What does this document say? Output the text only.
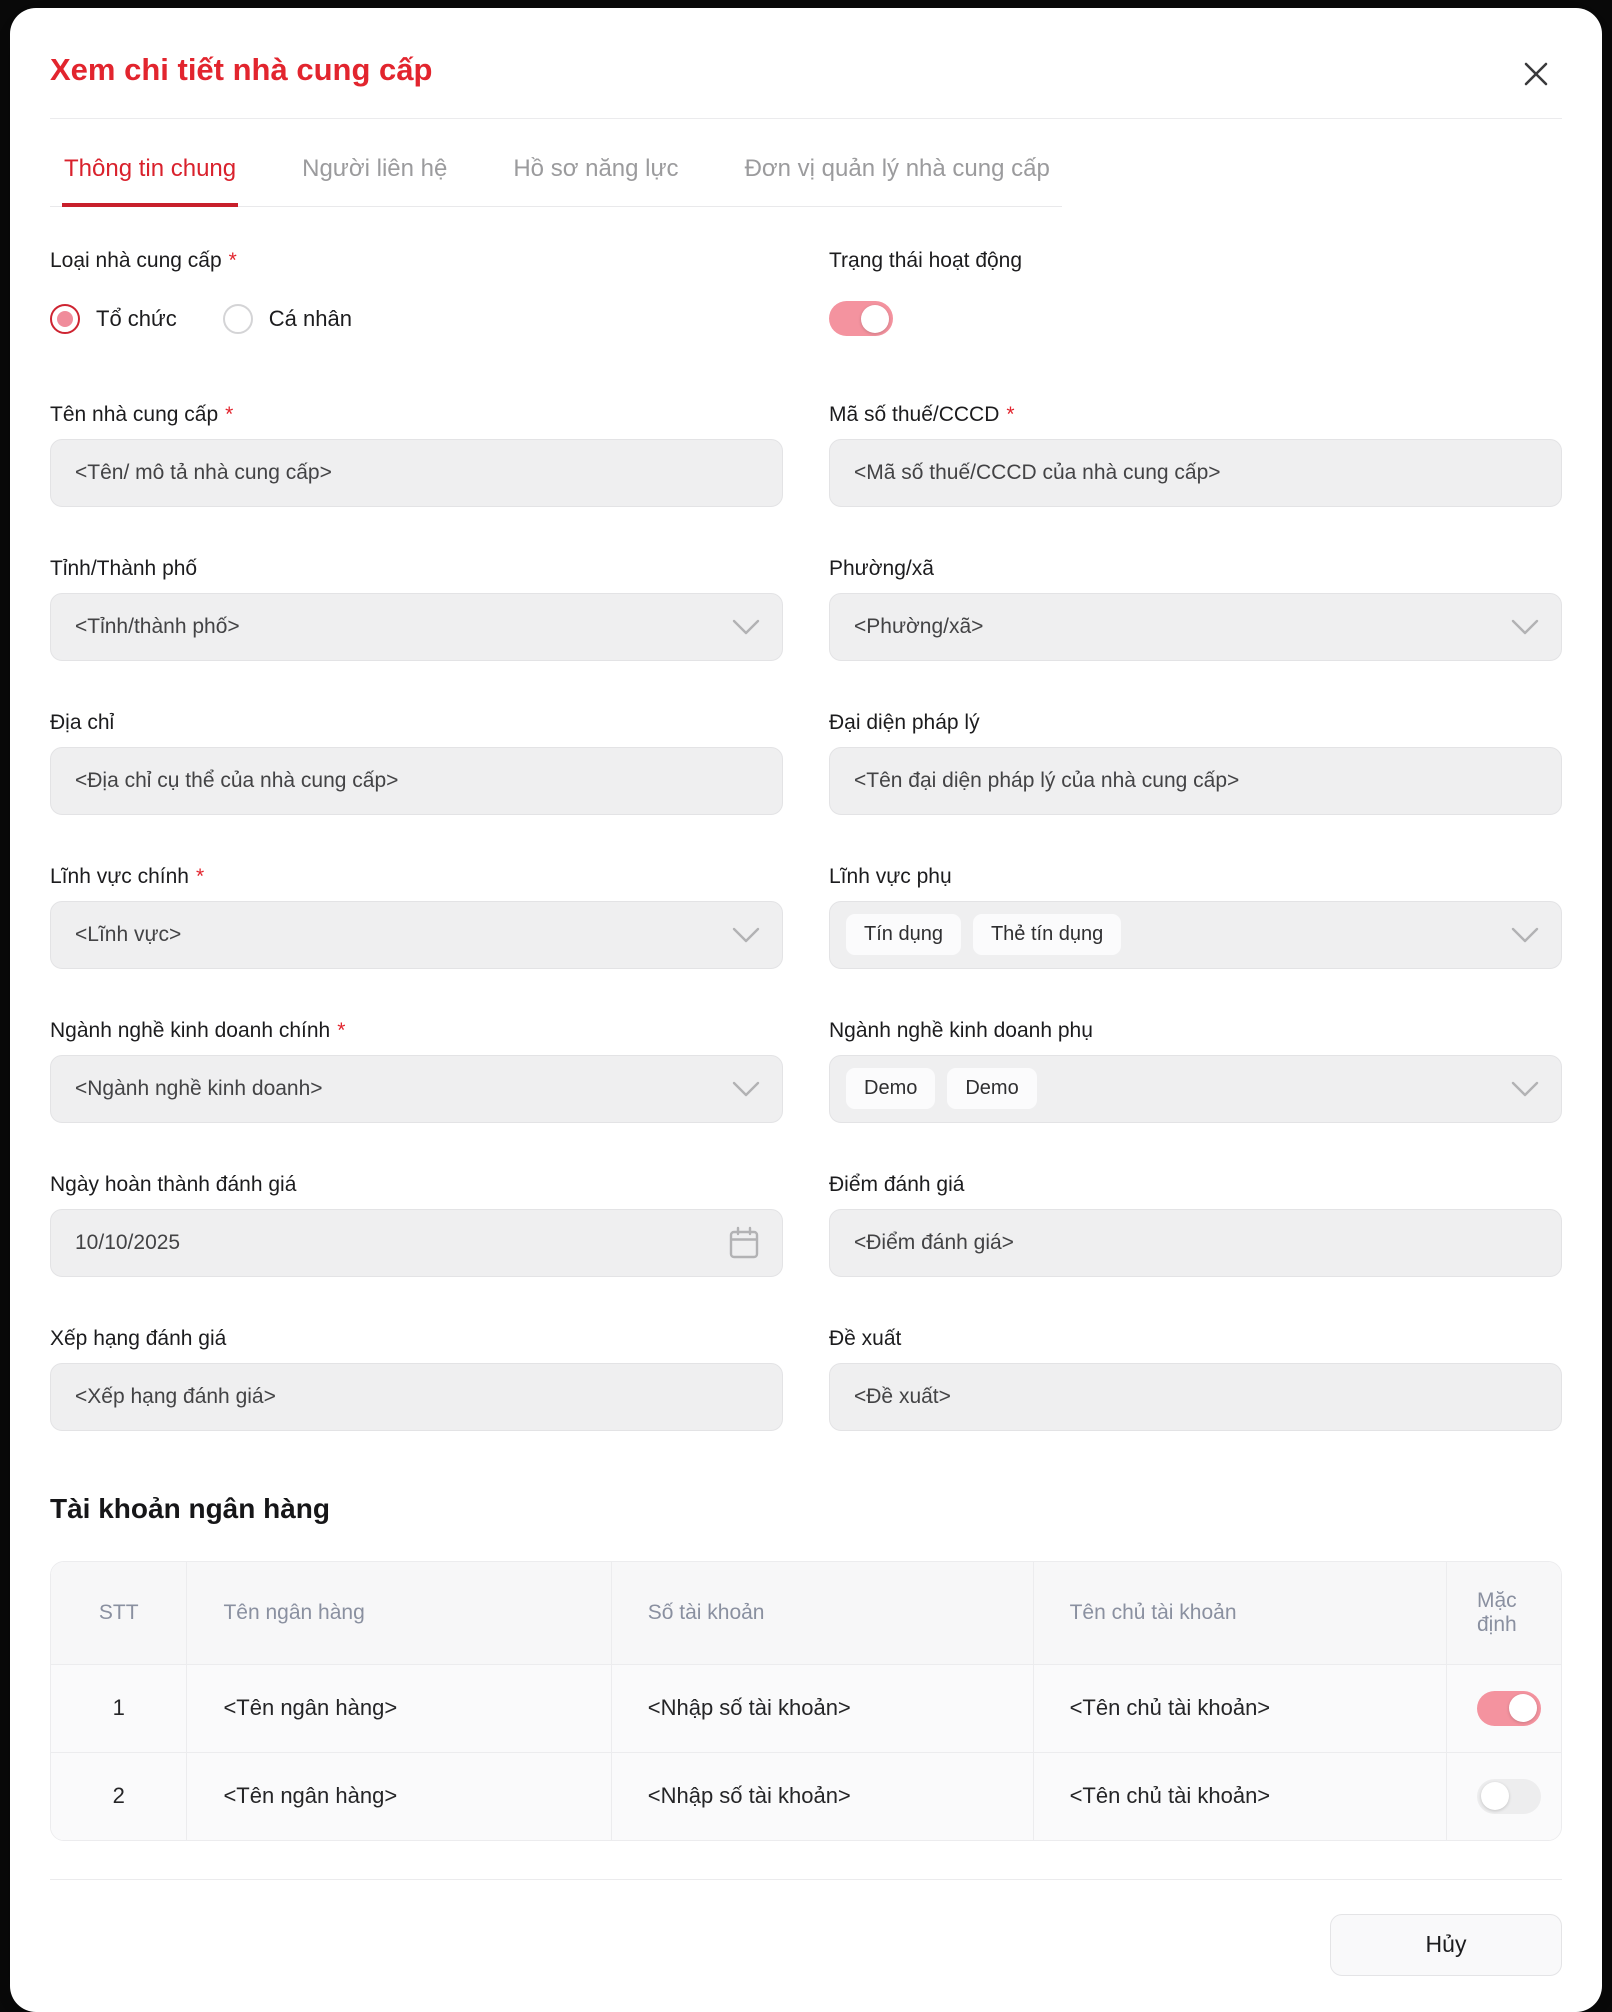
Xem chi tiết nhà cung cấp
Thông tin chung	Người liên hệ	Hồ sơ năng lực	Đơn vị quản lý nhà cung cấp
Loại nhà cung cấp *
Tổ chức	Cá nhân
Trạng thái hoạt động
Tên nhà cung cấp *
<Tên/ mô tả nhà cung cấp>	Mã số thuế/CCCD *
<Mã số thuế/CCCD của nhà cung cấp>
Tỉnh/Thành phố
<Tỉnh/thành phố>
Phường/xã
<Phường/xã>
Địa chỉ
<Địa chỉ cụ thể của nhà cung cấp>	Đại diện pháp lý
<Tên đại diện pháp lý của nhà cung cấp>
Lĩnh vực chính *
<Lĩnh vực>
Lĩnh vực phụ
Tín dụng	Thẻ tín dụng
Ngành nghề kinh doanh chính *
<Ngành nghề kinh doanh>
Ngành nghề kinh doanh phụ
Demo	Demo
Ngày hoàn thành đánh giá
10/10/2025	Điểm đánh giá
<Điểm đánh giá>
Xếp hạng đánh giá
<Xếp hạng đánh giá>	Đề xuất
<Đề xuất>
Tài khoản ngân hàng
STT	Tên ngân hàng	Số tài khoản	Tên chủ tài khoản	Mặc định
1	<Tên ngân hàng>	<Nhập số tài khoản>	<Tên chủ tài khoản>	

2	<Tên ngân hàng>	<Nhập số tài khoản>	<Tên chủ tài khoản>	
Hủy
